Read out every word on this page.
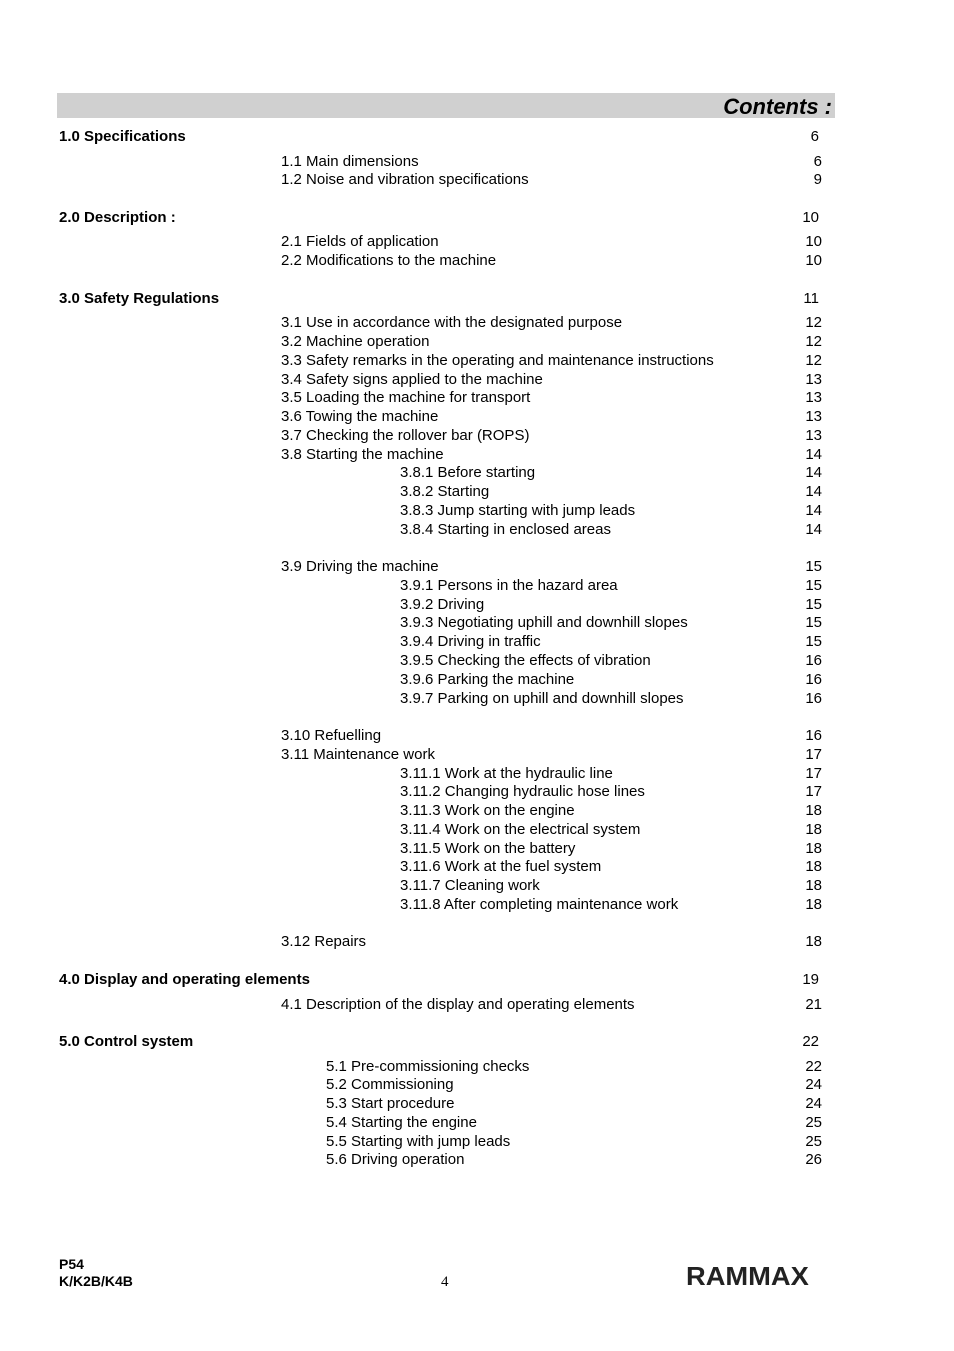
Contents :
1.0 Specifications	6
1.1 Main dimensions	6
1.2 Noise and vibration specifications	9
2.0 Description :	10
2.1 Fields of application	10
2.2 Modifications to the machine	10
3.0 Safety Regulations	11
3.1 Use in accordance with the designated purpose	12
3.2 Machine operation	12
3.3 Safety remarks in the operating and maintenance instructions	12
3.4 Safety signs applied to the machine	13
3.5 Loading the machine for transport	13
3.6 Towing the machine	13
3.7 Checking the rollover bar (ROPS)	13
3.8 Starting the machine	14
3.8.1 Before starting	14
3.8.2 Starting	14
3.8.3 Jump starting with jump leads	14
3.8.4 Starting in enclosed areas	14
3.9 Driving the machine	15
3.9.1 Persons in the hazard area	15
3.9.2 Driving	15
3.9.3 Negotiating uphill and downhill slopes	15
3.9.4 Driving in traffic	15
3.9.5 Checking the effects of vibration	16
3.9.6 Parking the machine	16
3.9.7 Parking on uphill and downhill slopes	16
3.10 Refuelling	16
3.11 Maintenance work	17
3.11.1 Work at the hydraulic line	17
3.11.2 Changing hydraulic hose lines	17
3.11.3 Work on the engine	18
3.11.4 Work on the electrical system	18
3.11.5 Work on the battery	18
3.11.6 Work at the fuel system	18
3.11.7 Cleaning work	18
3.11.8 After completing maintenance work	18
3.12 Repairs	18
4.0 Display and operating elements	19
4.1 Description of the display and operating elements	21
5.0 Control system	22
5.1 Pre-commissioning checks	22
5.2 Commissioning	24
5.3 Start procedure	24
5.4 Starting the engine	25
5.5 Starting with jump leads	25
5.6 Driving operation	26
P54
K/K2B/K4B	4	RAMMAX
